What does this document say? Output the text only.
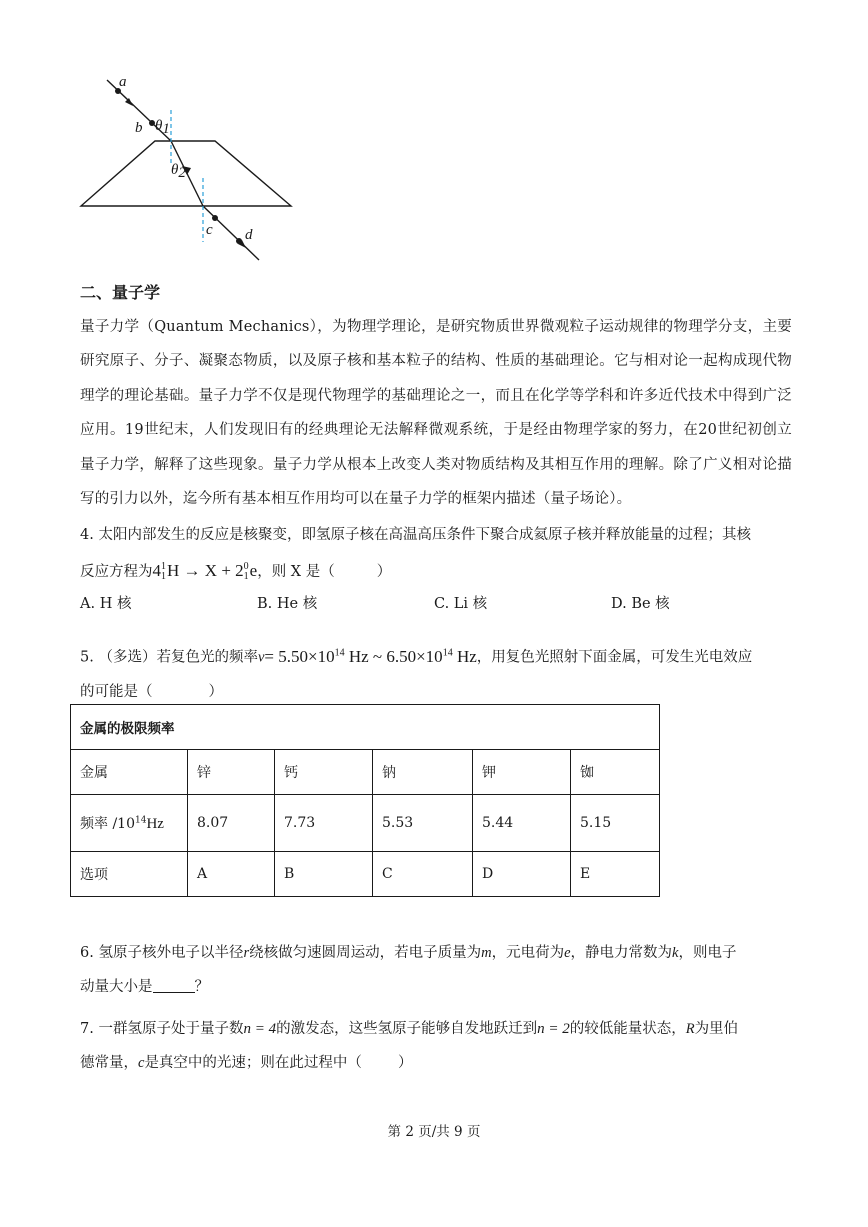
a
b θ1
θ2
c d
二、量子学
量子力学（Quantum Mechanics），为物理学理论，是研究物质世界微观粒子运动规律的物理学分支，主要研究原子、分子、凝聚态物质，以及原子核和基本粒子的结构、性质的基础理论。它与相对论一起构成现代物理学的理论基础。量子力学不仅是现代物理学的基础理论之一，而且在化学等学科和许多近代技术中得到广泛应用。19世纪末，人们发现旧有的经典理论无法解释微观系统，于是经由物理学家的努力，在20世纪初创立量子力学，解释了这些现象。量子力学从根本上改变人类对物质结构及其相互作用的理解。除了广义相对论描写的引力以外，迄今所有基本相互作用均可以在量子力学的框架内描述（量子场论）。
4. 太阳内部发生的反应是核聚变，即氢原子核在高温高压条件下聚合成氦原子核并释放能量的过程；其核
反应方程为4 1
1 H → X + 2 0
1 e，则 X 是（	）
A. H 核	B. He 核	C. Li 核	D. Be 核
5. （多选）若复色光的频率$\nu= 5.50\times 10^{14}$ Hz ~ $6.50\times 10^{14}$ Hz，用复色光照射下面金属，可发生光电效应
的可能是（	）
金属的极限频率					
金属	锌	钙	钠	钾	铷
频率 $/10^{14}Hz$	8.07	7.73	5.53	5.44	5.15
选项	A	B	C	D	E
6. 氢原子核外电子以半径r绕核做匀速圆周运动，若电子质量为m，元电荷为e，静电力常数为k，则电子
动量大小是	？
7. 一群氢原子处于量子数n = 4的激发态，这些氢原子能够自发地跃迁到n = 2的较低能量状态，R为里伯
德常量，c是真空中的光速；则在此过程中（ ）
第 2 页/共 9 页
